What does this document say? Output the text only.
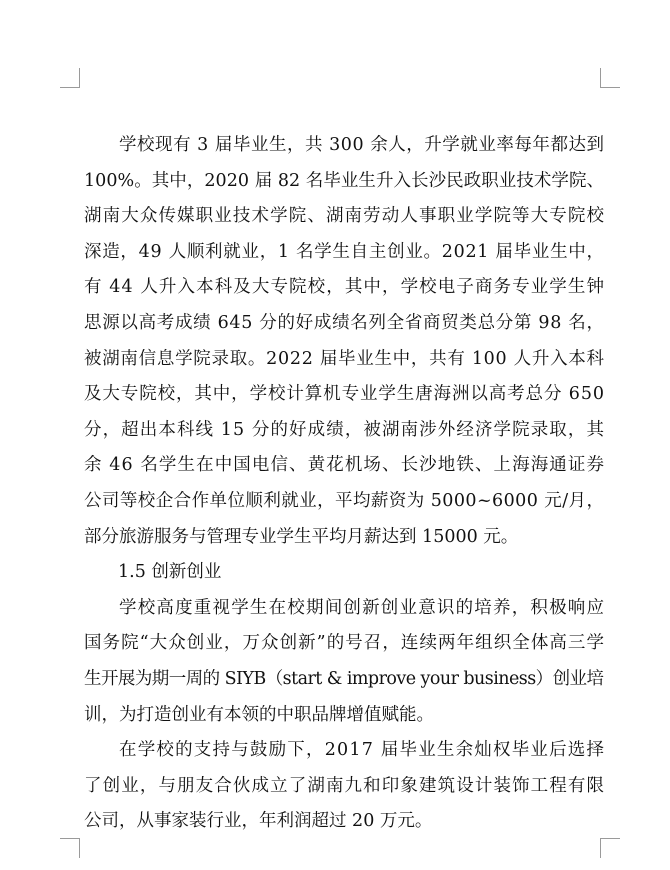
学校现有 3 届毕业生，共 300 余人，升学就业率每年都达到
100%。其中，2020 届 82 名毕业生升入长沙民政职业技术学院、
湖南大众传媒职业技术学院、湖南劳动人事职业学院等大专院校
深造，49 人顺利就业，1 名学生自主创业。2021 届毕业生中，
有 44 人升入本科及大专院校，其中，学校电子商务专业学生钟
思源以高考成绩 645 分的好成绩名列全省商贸类总分第 98 名，
被湖南信息学院录取。2022 届毕业生中，共有 100 人升入本科
及大专院校，其中，学校计算机专业学生唐海洲以高考总分 650
分，超出本科线 15 分的好成绩，被湖南涉外经济学院录取，其
余 46 名学生在中国电信、黄花机场、长沙地铁、上海海通证券
公司等校企合作单位顺利就业，平均薪资为 5000~6000 元/月，
部分旅游服务与管理专业学生平均月薪达到 15000 元。
1.5 创新创业
学校高度重视学生在校期间创新创业意识的培养，积极响应
国务院“大众创业，万众创新”的号召，连续两年组织全体高三学
生开展为期一周的 SIYB（start & improve your business）创业培
训，为打造创业有本领的中职品牌增值赋能。
在学校的支持与鼓励下，2017 届毕业生余灿权毕业后选择
了创业，与朋友合伙成立了湖南九和印象建筑设计装饰工程有限
公司，从事家装行业，年利润超过 20 万元。
